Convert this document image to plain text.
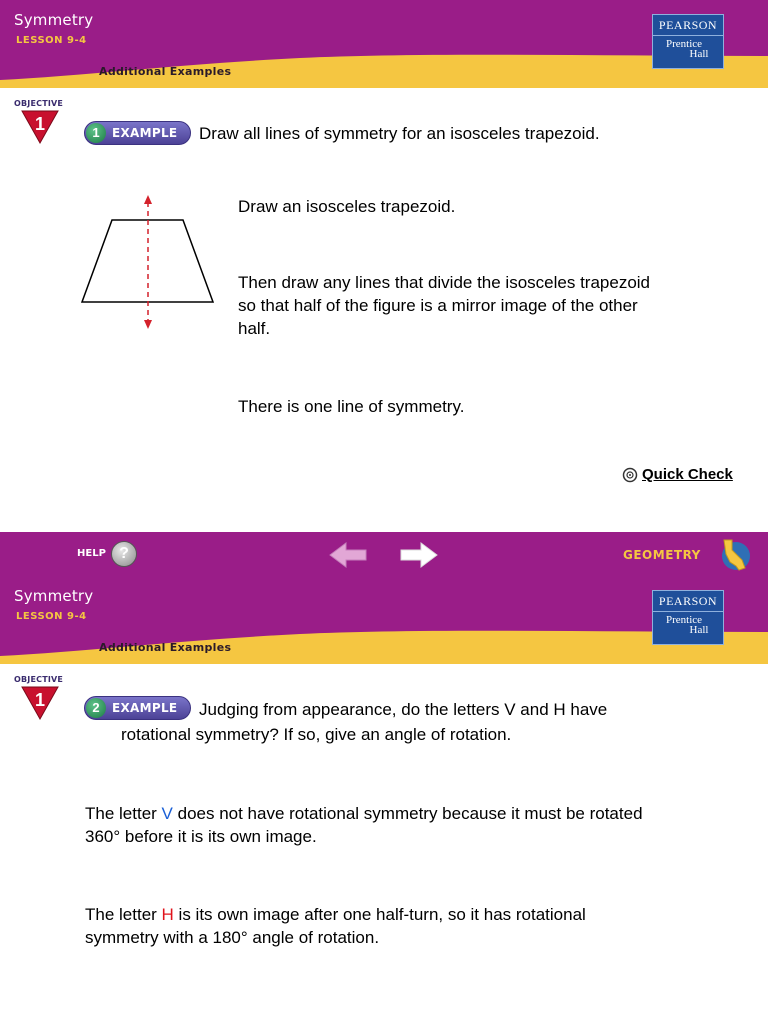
Symmetry
LESSON 9-4
Additional Examples
PEARSON
Prentice
Hall
OBJECTIVE
1	1	EXAMPLE Draw all lines of symmetry for an isosceles trapezoid.
Draw an isosceles trapezoid.
Then draw any lines that divide the isosceles trapezoid
so that half of the figure is a mirror image of the other
half.
There is one line of symmetry.
Quick Check
HELP ?	GEOMETRY
Symmetry
LESSON 9-4
Additional Examples
PEARSON
Prentice
Hall
OBJECTIVE
1	2	EXAMPLE Judging from appearance, do the letters V and H have
rotational symmetry? If so, give an angle of rotation.
The letter V does not have rotational symmetry because it must be rotated
360° before it is its own image.
The letter H is its own image after one half-turn, so it has rotational
symmetry with a 180° angle of rotation.
